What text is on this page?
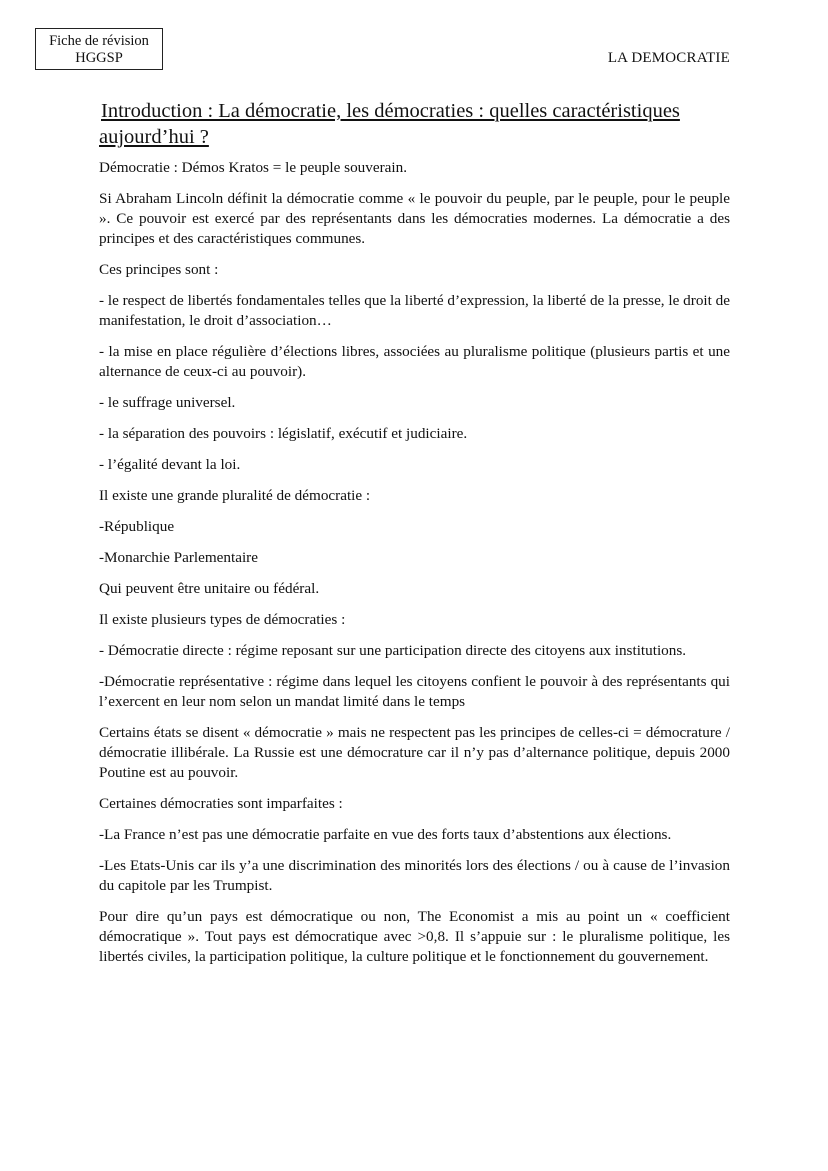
Fiche de révision
HGGSP	LA DEMOCRATIE
Introduction : La démocratie, les démocraties : quelles caractéristiques aujourd’hui ?

Démocratie : Démos Kratos = le peuple souverain.

Si Abraham Lincoln définit la démocratie comme « le pouvoir du peuple, par le peuple, pour le peuple ». Ce pouvoir est exercé par des représentants dans les démocraties modernes. La démocratie a des principes et des caractéristiques communes.

Ces principes sont :

- le respect de libertés fondamentales telles que la liberté d’expression, la liberté de la presse, le droit de manifestation, le droit d’association…

- la mise en place régulière d’élections libres, associées au pluralisme politique (plusieurs partis et une alternance de ceux-ci au pouvoir).

- le suffrage universel.

- la séparation des pouvoirs : législatif, exécutif et judiciaire.

- l’égalité devant la loi.

Il existe une grande pluralité de démocratie :

-République

-Monarchie Parlementaire

Qui peuvent être unitaire ou fédéral.

Il existe plusieurs types de démocraties :

- Démocratie directe : régime reposant sur une participation directe des citoyens aux institutions.

-Démocratie représentative : régime dans lequel les citoyens confient le pouvoir à des représentants qui l’exercent en leur nom selon un mandat limité dans le temps

Certains états se disent « démocratie » mais ne respectent pas les principes de celles-ci = démocrature / démocratie illibérale. La Russie est une démocrature car il n’y pas d’alternance politique, depuis 2000 Poutine est au pouvoir.

Certaines démocraties sont imparfaites :

-La France n’est pas une démocratie parfaite en vue des forts taux d’abstentions aux élections.

-Les Etats-Unis car ils y’a une discrimination des minorités lors des élections / ou à cause de l’invasion du capitole par les Trumpist.

Pour dire qu’un pays est démocratique ou non, The Economist a mis au point un « coefficient démocratique ». Tout pays est démocratique avec >0,8. Il s’appuie sur : le pluralisme politique, les libertés civiles, la participation politique, la culture politique et le fonctionnement du gouvernement.
